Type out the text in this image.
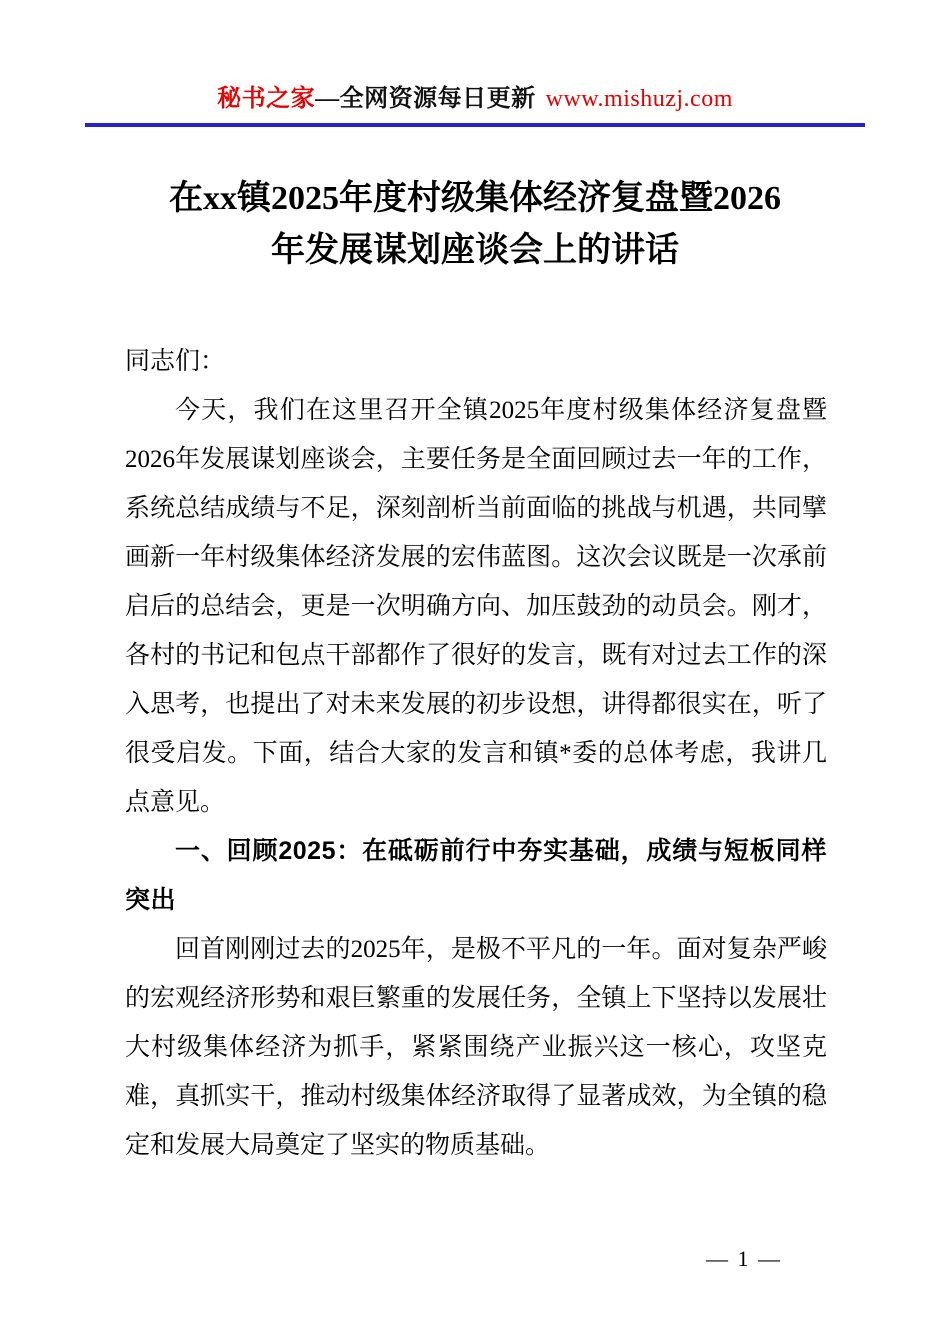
秘书之家—全网资源每日更新 www.mishuzj.com
在xx镇2025年度村级集体经济复盘暨2026
年发展谋划座谈会上的讲话

同志们：

今天，我们在这里召开全镇2025年度村级集体经济复盘暨2026年发展谋划座谈会，主要任务是全面回顾过去一年的工作，系统总结成绩与不足，深刻剖析当前面临的挑战与机遇，共同擘画新一年村级集体经济发展的宏伟蓝图。这次会议既是一次承前启后的总结会，更是一次明确方向、加压鼓劲的动员会。刚才，各村的书记和包点干部都作了很好的发言，既有对过去工作的深入思考，也提出了对未来发展的初步设想，讲得都很实在，听了很受启发。下面，结合大家的发言和镇*委的总体考虑，我讲几点意见。

一、回顾2025：在砥砺前行中夯实基础，成绩与短板同样突出

回首刚刚过去的2025年，是极不平凡的一年。面对复杂严峻的宏观经济形势和艰巨繁重的发展任务，全镇上下坚持以发展壮大村级集体经济为抓手，紧紧围绕产业振兴这一核心，攻坚克难，真抓实干，推动村级集体经济取得了显著成效，为全镇的稳定和发展大局奠定了坚实的物质基础。

— 1 —
